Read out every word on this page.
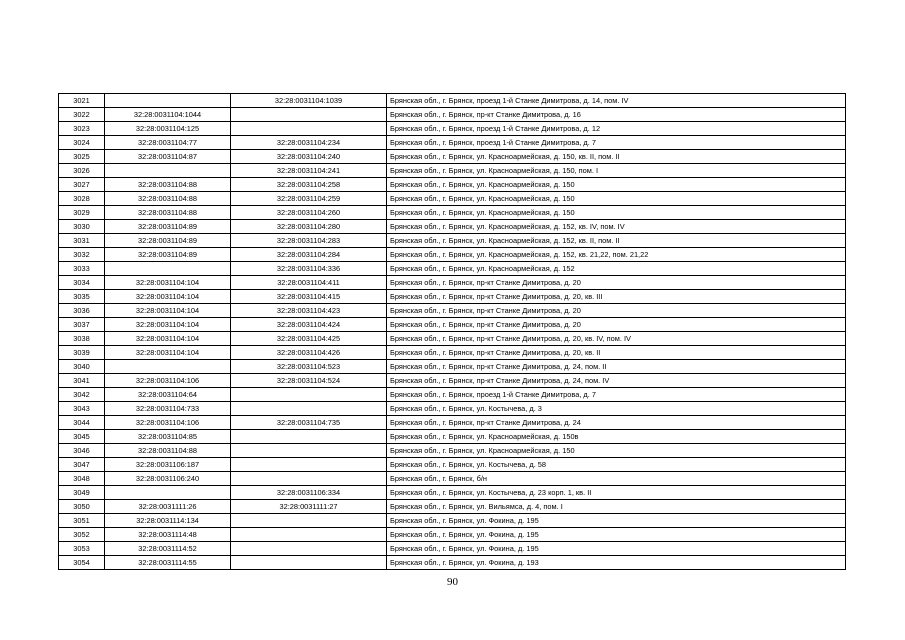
3021		32:28:0031104:1039	Брянская обл., г. Брянск, проезд 1-й Станке Димитрова, д. 14, пом. IV
3022	32:28:0031104:1044		Брянская обл., г. Брянск, пр-кт Станке Димитрова, д. 16
3023	32:28:0031104:125		Брянская обл., г. Брянск, проезд 1-й Станке Димитрова, д. 12
3024	32:28:0031104:77	32:28:0031104:234	Брянская обл., г. Брянск, проезд 1-й Станке Димитрова, д. 7
3025	32:28:0031104:87	32:28:0031104:240	Брянская обл., г. Брянск, ул. Красноармейская, д. 150, кв. II, пом. II
3026		32:28:0031104:241	Брянская обл., г. Брянск, ул. Красноармейская, д. 150, пом. I
3027	32:28:0031104:88	32:28:0031104:258	Брянская обл., г. Брянск, ул. Красноармейская, д. 150
3028	32:28:0031104:88	32:28:0031104:259	Брянская обл., г. Брянск, ул. Красноармейская, д. 150
3029	32:28:0031104:88	32:28:0031104:260	Брянская обл., г. Брянск, ул. Красноармейская, д. 150
3030	32:28:0031104:89	32:28:0031104:280	Брянская обл., г. Брянск, ул. Красноармейская, д. 152, кв. IV, пом. IV
3031	32:28:0031104:89	32:28:0031104:283	Брянская обл., г. Брянск, ул. Красноармейская, д. 152, кв. II, пом. II
3032	32:28:0031104:89	32:28:0031104:284	Брянская обл., г. Брянск, ул. Красноармейская, д. 152, кв. 21,22, пом. 21,22
3033		32:28:0031104:336	Брянская обл., г. Брянск, ул. Красноармейская, д. 152
3034	32:28:0031104:104	32:28:0031104:411	Брянская обл., г. Брянск, пр-кт Станке Димитрова, д. 20
3035	32:28:0031104:104	32:28:0031104:415	Брянская обл., г. Брянск, пр-кт Станке Димитрова, д. 20, кв. III
3036	32:28:0031104:104	32:28:0031104:423	Брянская обл., г. Брянск, пр-кт Станке Димитрова, д. 20
3037	32:28:0031104:104	32:28:0031104:424	Брянская обл., г. Брянск, пр-кт Станке Димитрова, д. 20
3038	32:28:0031104:104	32:28:0031104:425	Брянская обл., г. Брянск, пр-кт Станке Димитрова, д. 20, кв. IV, пом. IV
3039	32:28:0031104:104	32:28:0031104:426	Брянская обл., г. Брянск, пр-кт Станке Димитрова, д. 20, кв. II
3040		32:28:0031104:523	Брянская обл., г. Брянск, пр-кт Станке Димитрова, д. 24, пом. II
3041	32:28:0031104:106	32:28:0031104:524	Брянская обл., г. Брянск, пр-кт Станке Димитрова, д. 24, пом. IV
3042	32:28:0031104:64		Брянская обл., г. Брянск, проезд 1-й Станке Димитрова, д. 7
3043	32:28:0031104:733		Брянская обл., г. Брянск, ул. Костычева, д. 3
3044	32:28:0031104:106	32:28:0031104:735	Брянская обл., г. Брянск, пр-кт Станке Димитрова, д. 24
3045	32:28:0031104:85		Брянская обл., г. Брянск, ул. Красноармейская, д. 150в
3046	32:28:0031104:88		Брянская обл., г. Брянск, ул. Красноармейская, д. 150
3047	32:28:0031106:187		Брянская обл., г. Брянск, ул. Костычева, д. 58
3048	32:28:0031106:240		Брянская обл., г. Брянск, б/н
3049		32:28:0031106:334	Брянская обл., г. Брянск, ул. Костычева, д. 23 корп. 1, кв. II
3050	32:28:0031111:26	32:28:0031111:27	Брянская обл., г. Брянск, ул. Вильямса, д. 4, пом. I
3051	32:28:0031114:134		Брянская обл., г. Брянск, ул. Фокина, д. 195
3052	32:28:0031114:48		Брянская обл., г. Брянск, ул. Фокина, д. 195
3053	32:28:0031114:52		Брянская обл., г. Брянск, ул. Фокина, д. 195
3054	32:28:0031114:55		Брянская обл., г. Брянск, ул. Фокина, д. 193
90
